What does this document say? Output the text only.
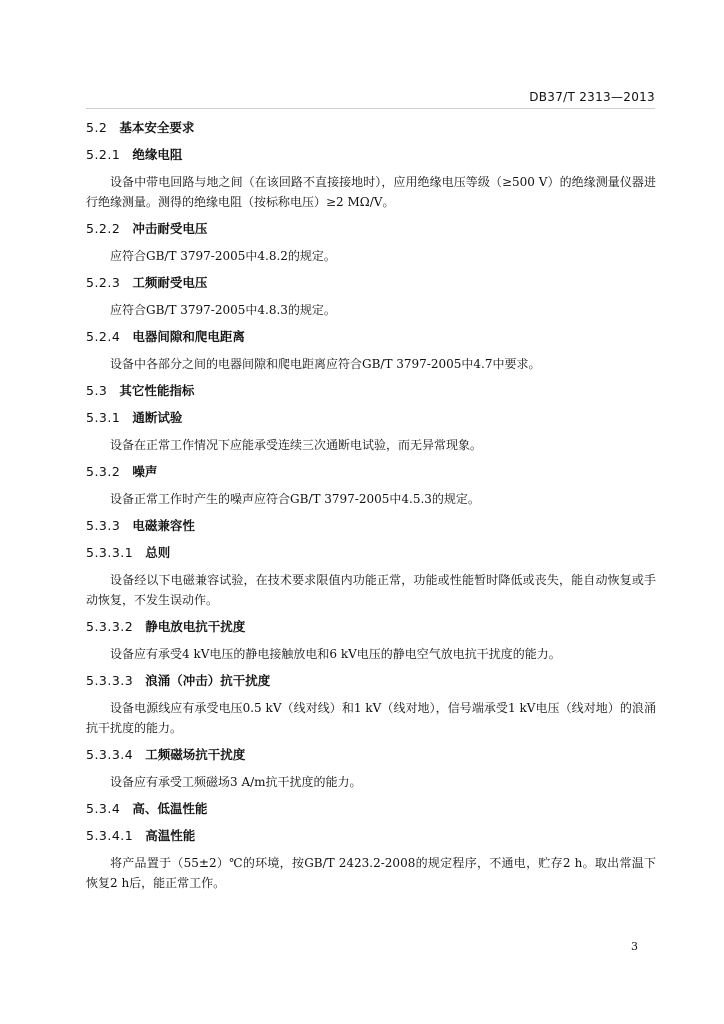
DB37/T 2313—2013
5.2 基本安全要求
5.2.1 绝缘电阻
设备中带电回路与地之间（在该回路不直接接地时），应用绝缘电压等级（≥500 V）的绝缘测量仪器进行绝缘测量。测得的绝缘电阻（按标称电压）≥2 MΩ/V。
5.2.2 冲击耐受电压
应符合GB/T 3797-2005中4.8.2的规定。
5.2.3 工频耐受电压
应符合GB/T 3797-2005中4.8.3的规定。
5.2.4 电器间隙和爬电距离
设备中各部分之间的电器间隙和爬电距离应符合GB/T 3797-2005中4.7中要求。
5.3 其它性能指标
5.3.1 通断试验
设备在正常工作情况下应能承受连续三次通断电试验，而无异常现象。
5.3.2 噪声
设备正常工作时产生的噪声应符合GB/T 3797-2005中4.5.3的规定。
5.3.3 电磁兼容性
5.3.3.1 总则
设备经以下电磁兼容试验，在技术要求限值内功能正常，功能或性能暂时降低或丧失，能自动恢复或手动恢复，不发生误动作。
5.3.3.2 静电放电抗干扰度
设备应有承受4 kV电压的静电接触放电和6 kV电压的静电空气放电抗干扰度的能力。
5.3.3.3 浪涌（冲击）抗干扰度
设备电源线应有承受电压0.5 kV（线对线）和1 kV（线对地），信号端承受1 kV电压（线对地）的浪涌抗干扰度的能力。
5.3.3.4 工频磁场抗干扰度
设备应有承受工频磁场3 A/m抗干扰度的能力。
5.3.4 高、低温性能
5.3.4.1 高温性能
将产品置于（55±2）℃的环境，按GB/T 2423.2-2008的规定程序，不通电，贮存2 h。取出常温下恢复2 h后，能正常工作。
3
